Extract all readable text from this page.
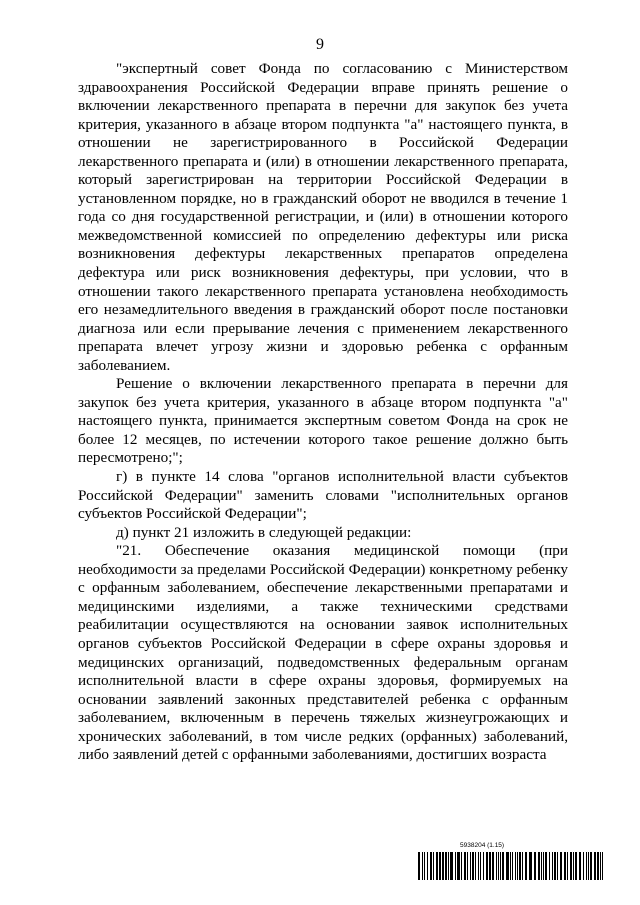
9

"экспертный совет Фонда по согласованию с Министерством здравоохранения Российской Федерации вправе принять решение о включении лекарственного препарата в перечни для закупок без учета критерия, указанного в абзаце втором подпункта "а" настоящего пункта, в отношении не зарегистрированного в Российской Федерации лекарственного препарата и (или) в отношении лекарственного препарата, который зарегистрирован на территории Российской Федерации в установленном порядке, но в гражданский оборот не вводился в течение 1 года со дня государственной регистрации, и (или) в отношении которого межведомственной комиссией по определению дефектуры или риска возникновения дефектуры лекарственных препаратов определена дефектура или риск возникновения дефектуры, при условии, что в отношении такого лекарственного препарата установлена необходимость его незамедлительного введения в гражданский оборот после постановки диагноза или если прерывание лечения с применением лекарственного препарата влечет угрозу жизни и здоровью ребенка с орфанным заболеванием.

Решение о включении лекарственного препарата в перечни для закупок без учета критерия, указанного в абзаце втором подпункта "а" настоящего пункта, принимается экспертным советом Фонда на срок не более 12 месяцев, по истечении которого такое решение должно быть пересмотрено;";

г) в пункте 14 слова "органов исполнительной власти субъектов Российской Федерации" заменить словами "исполнительных органов субъектов Российской Федерации";

д) пункт 21 изложить в следующей редакции:

"21. Обеспечение оказания медицинской помощи (при необходимости за пределами Российской Федерации) конкретному ребенку с орфанным заболеванием, обеспечение лекарственными препаратами и медицинскими изделиями, а также техническими средствами реабилитации осуществляются на основании заявок исполнительных органов субъектов Российской Федерации в сфере охраны здоровья и медицинских организаций, подведомственных федеральным органам исполнительной власти в сфере охраны здоровья, формируемых на основании заявлений законных представителей ребенка с орфанным заболеванием, включенным в перечень тяжелых жизнеугрожающих и хронических заболеваний, в том числе редких (орфанных) заболеваний, либо заявлений детей с орфанными заболеваниями, достигших возраста

5938204 (1.15)
